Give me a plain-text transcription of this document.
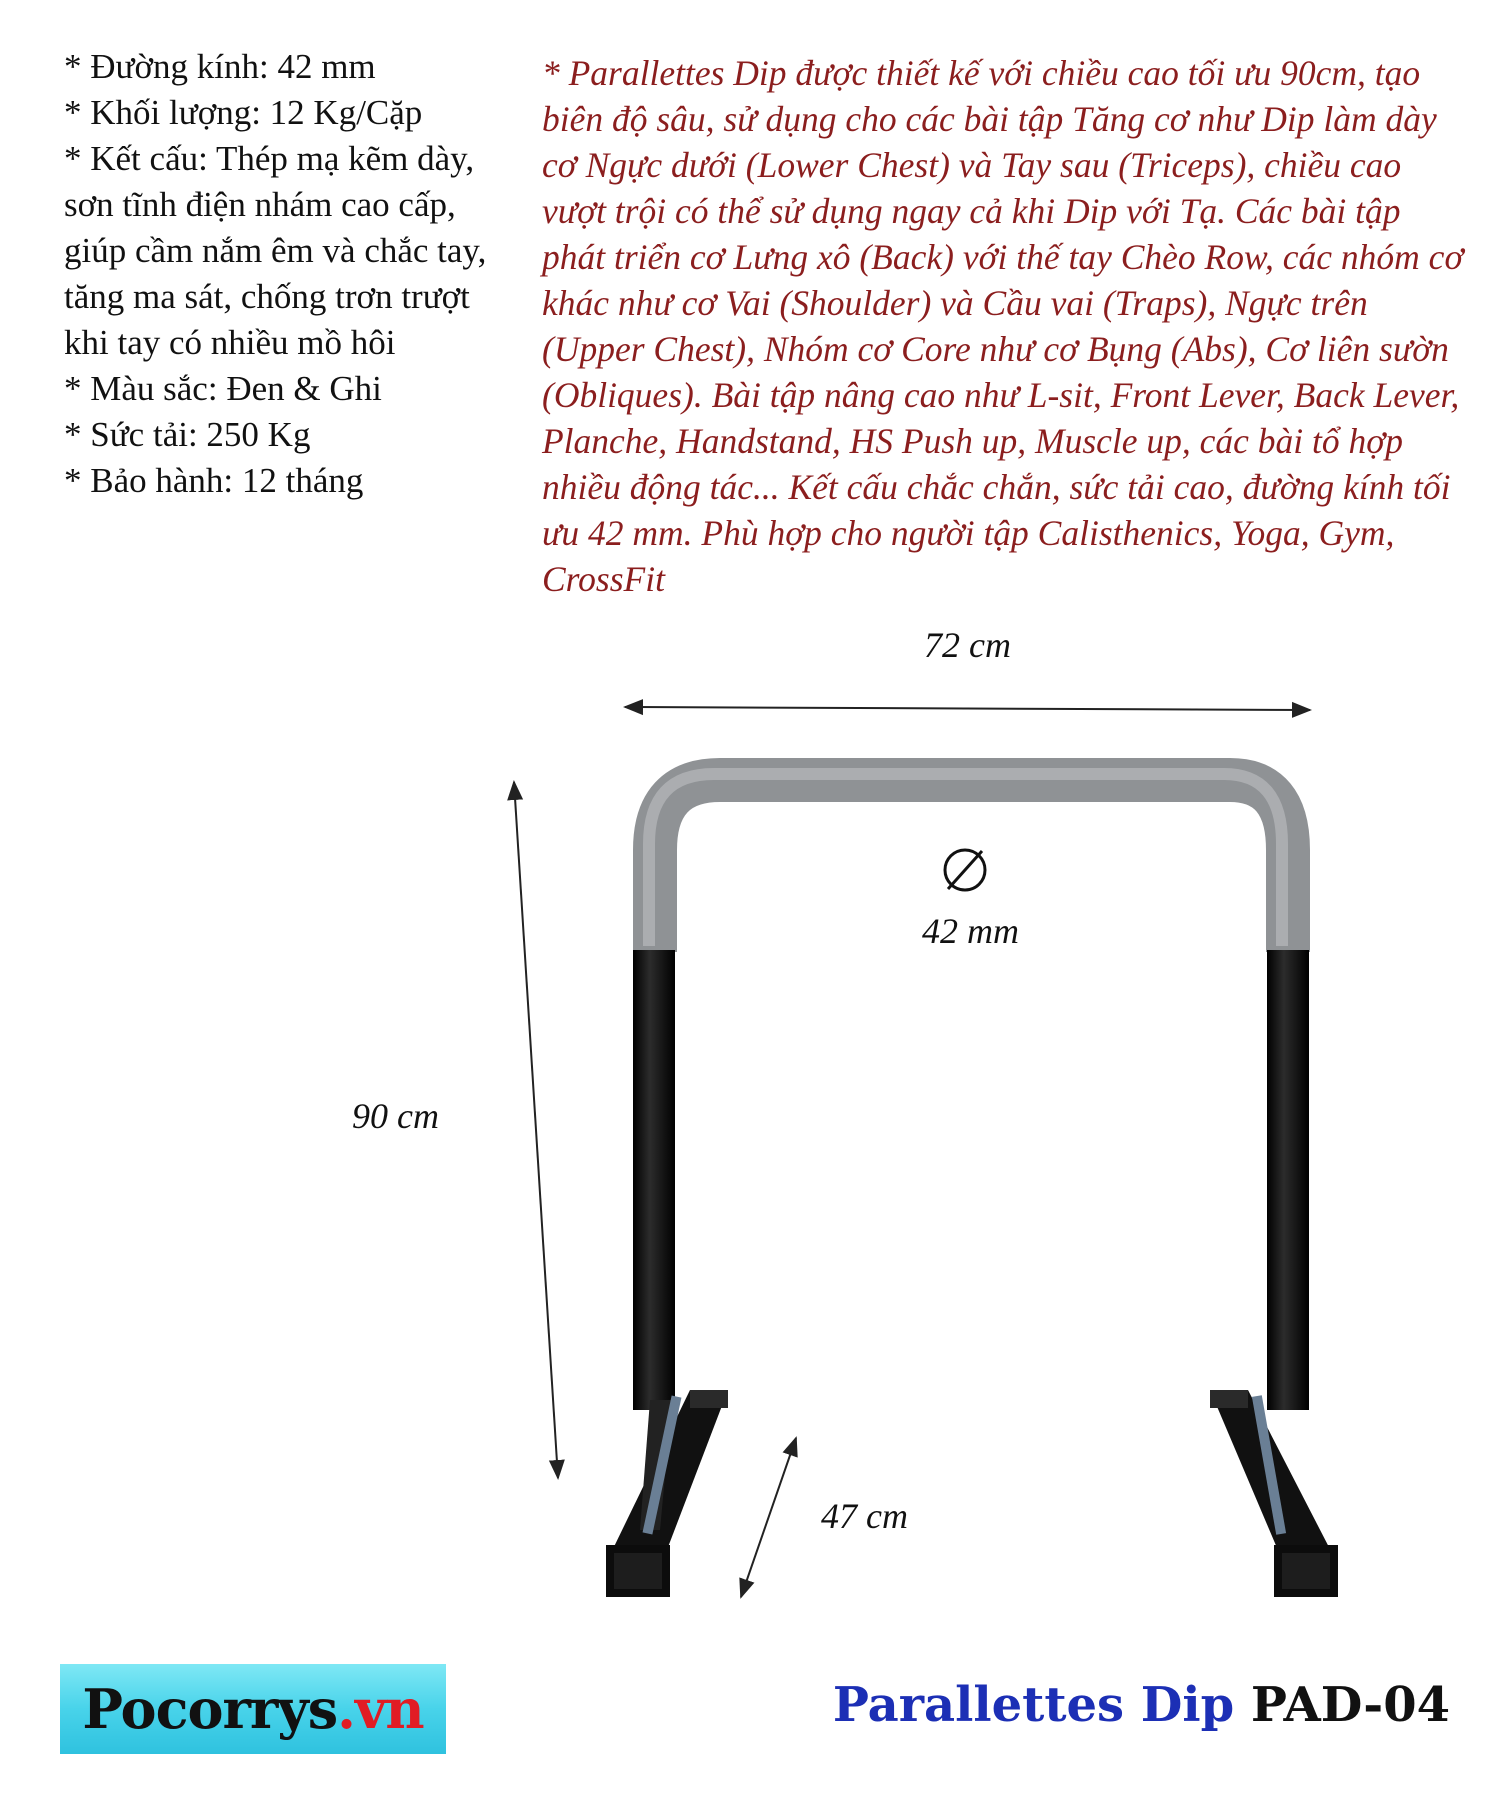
* Đường kính: 42 mm
* Khối lượng: 12 Kg/Cặp
* Kết cấu: Thép mạ kẽm dày, sơn tĩnh điện nhám cao cấp, giúp cầm nắm êm và chắc tay, tăng ma sát, chống trơn trượt khi tay có nhiều mồ hôi
* Màu sắc: Đen & Ghi
* Sức tải: 250 Kg
* Bảo hành: 12 tháng

* Parallettes Dip được thiết kế với chiều cao tối ưu 90cm, tạo biên độ sâu, sử dụng cho các bài tập Tăng cơ như Dip làm dày cơ Ngực dưới (Lower Chest) và Tay sau (Triceps), chiều cao vượt trội có thể sử dụng ngay cả khi Dip với Tạ. Các bài tập phát triển cơ Lưng xô (Back) với thế tay Chèo Row, các nhóm cơ khác như cơ Vai (Shoulder) và Cầu vai (Traps), Ngực trên (Upper Chest), Nhóm cơ Core như cơ Bụng (Abs), Cơ liên sườn (Obliques). Bài tập nâng cao như L-sit, Front Lever, Back Lever, Planche, Handstand, HS Push up, Muscle up, các bài tổ hợp nhiều động tác... Kết cấu chắc chắn, sức tải cao, đường kính tối ưu 42 mm. Phù hợp cho người tập Calisthenics, Yoga, Gym, CrossFit

72 cm
90 cm
47 cm
42 mm
Pocorrys .vn	Parallettes Dip PAD-04
